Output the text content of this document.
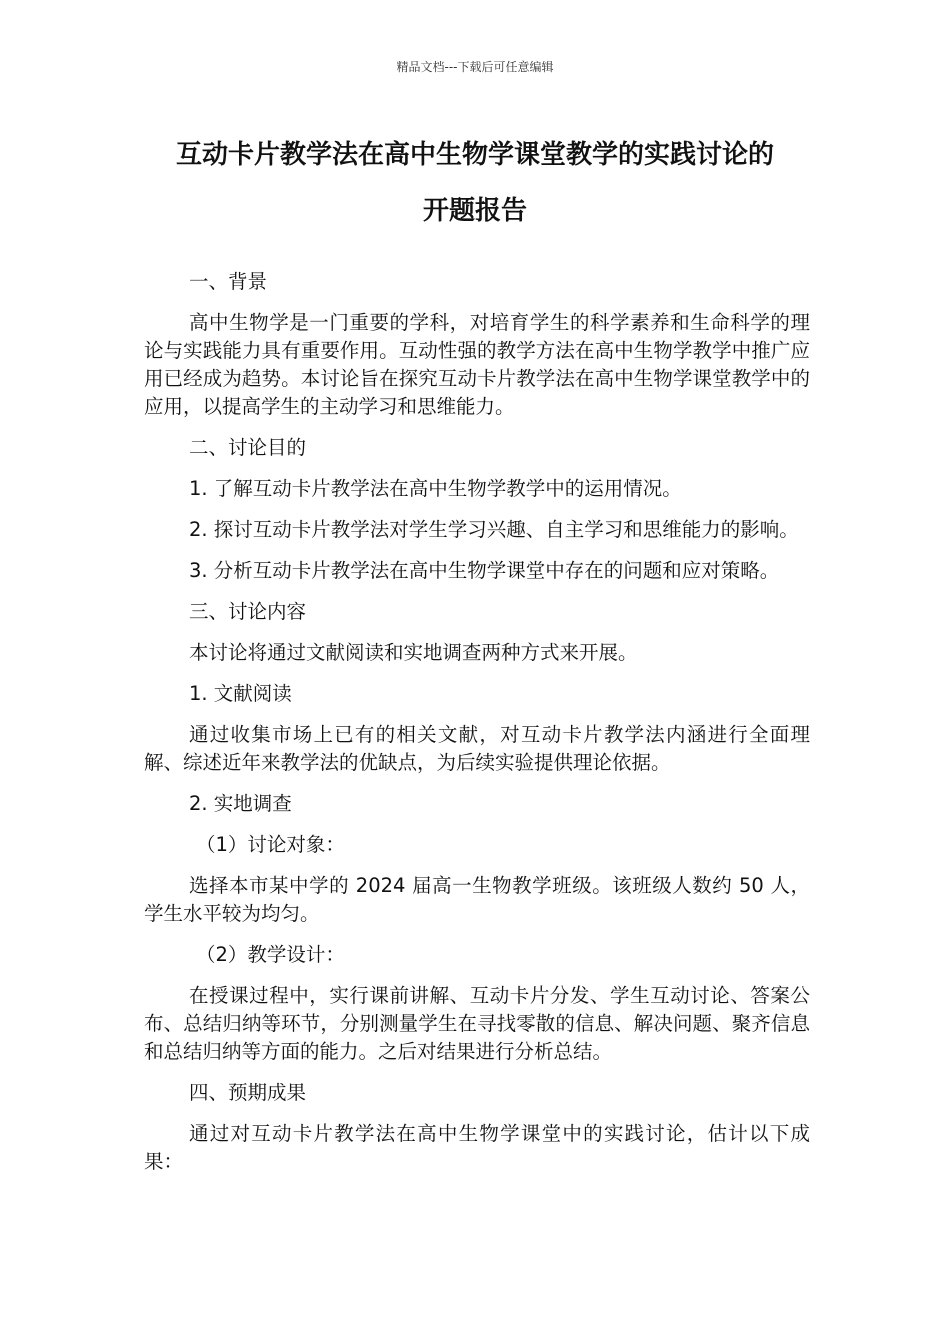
精品文档---下载后可任意编辑
互动卡片教学法在高中生物学课堂教学的实践讨论的
开题报告

一、背景

高中生物学是一门重要的学科，对培育学生的科学素养和生命科学的理论与实践能力具有重要作用。互动性强的教学方法在高中生物学教学中推广应用已经成为趋势。本讨论旨在探究互动卡片教学法在高中生物学课堂教学中的应用，以提高学生的主动学习和思维能力。

二、讨论目的

1. 了解互动卡片教学法在高中生物学教学中的运用情况。

2. 探讨互动卡片教学法对学生学习兴趣、自主学习和思维能力的影响。

3. 分析互动卡片教学法在高中生物学课堂中存在的问题和应对策略。

三、讨论内容

本讨论将通过文献阅读和实地调查两种方式来开展。

1. 文献阅读

通过收集市场上已有的相关文献，对互动卡片教学法内涵进行全面理解、综述近年来教学法的优缺点，为后续实验提供理论依据。

2. 实地调查

（1）讨论对象：

选择本市某中学的 2024 届高一生物教学班级。该班级人数约 50 人，学生水平较为均匀。

（2）教学设计：

在授课过程中，实行课前讲解、互动卡片分发、学生互动讨论、答案公布、总结归纳等环节，分别测量学生在寻找零散的信息、解决问题、聚齐信息和总结归纳等方面的能力。之后对结果进行分析总结。

四、预期成果

通过对互动卡片教学法在高中生物学课堂中的实践讨论，估计以下成果：
